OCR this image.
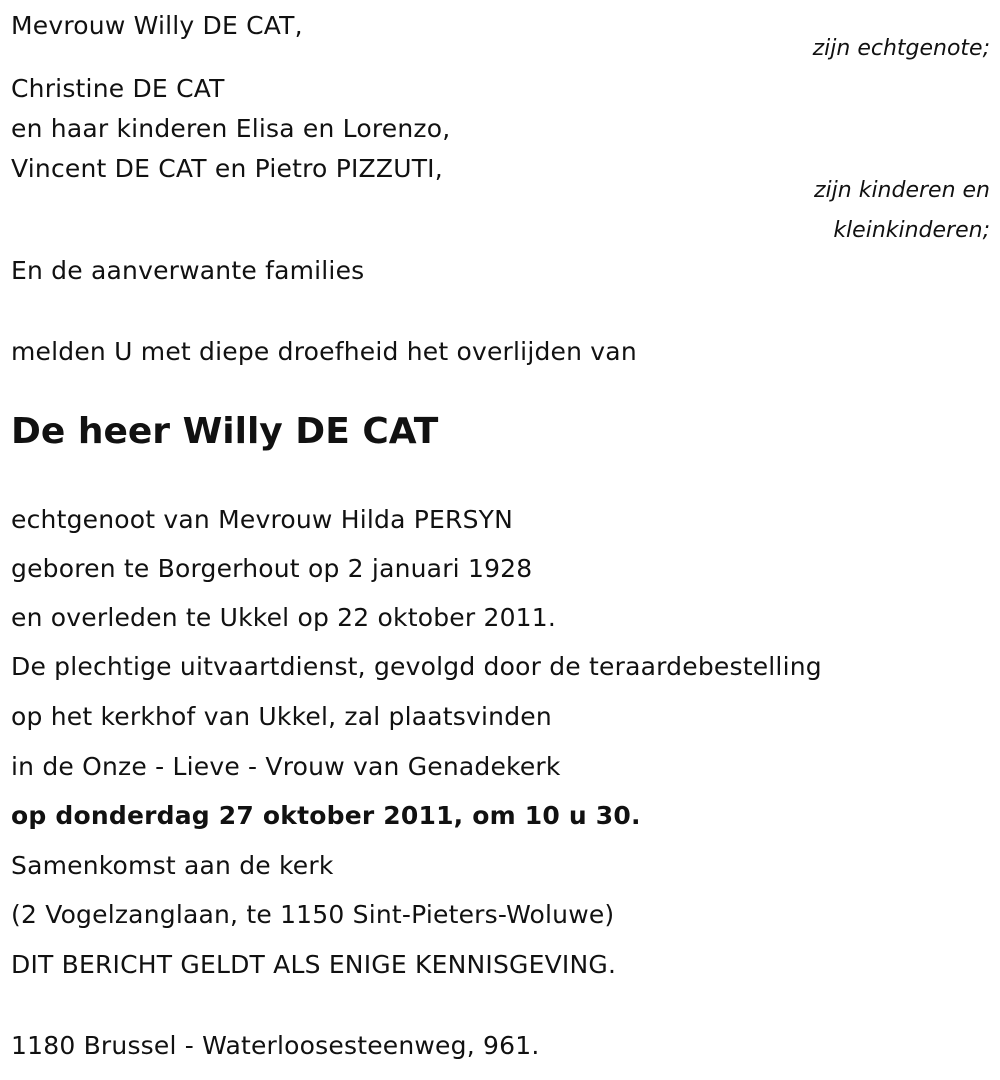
Mevrouw Willy DE CAT,
zijn echtgenote;
Christine DE CAT
en haar kinderen Elisa en Lorenzo,
Vincent DE CAT en Pietro PIZZUTI,
zijn kinderen en
kleinkinderen;
En de aanverwante families
melden U met diepe droefheid het overlijden van
De heer Willy DE CAT
echtgenoot van Mevrouw Hilda PERSYN
geboren te Borgerhout op 2 januari 1928
en overleden te Ukkel op 22 oktober 2011.
De plechtige uitvaartdienst, gevolgd door de teraardebestelling
op het kerkhof van Ukkel, zal plaatsvinden
in de Onze - Lieve - Vrouw van Genadekerk
op donderdag 27 oktober 2011, om 10 u 30.
Samenkomst aan de kerk
(2 Vogelzanglaan, te 1150 Sint-Pieters-Woluwe)
DIT BERICHT GELDT ALS ENIGE KENNISGEVING.
1180 Brussel - Waterloosesteenweg, 961.
